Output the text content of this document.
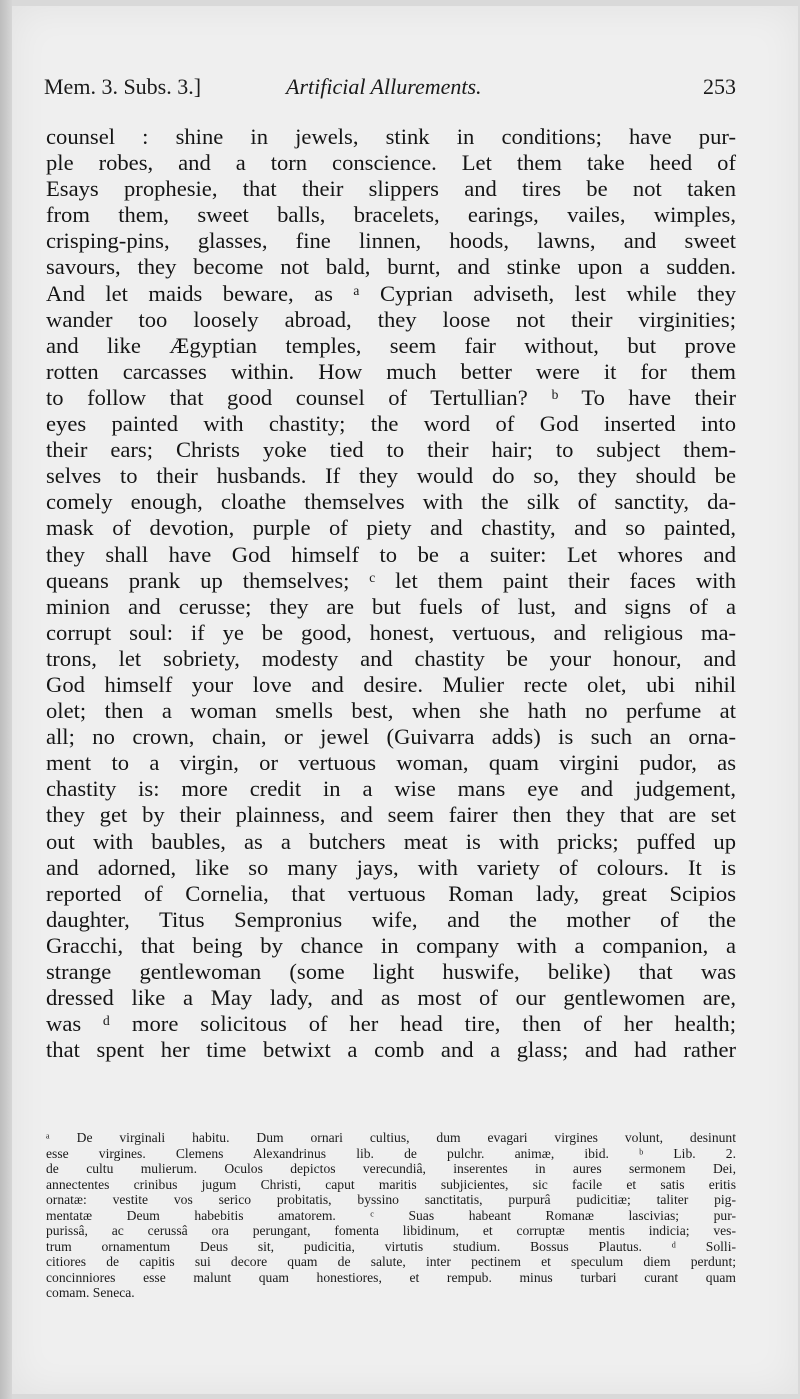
Mem. 3. Subs. 3.]	Artificial Allurements.	253
counsel : shine in jewels, stink in conditions; have pur-
ple robes, and a torn conscience. Let them take heed of
Esays prophesie, that their slippers and tires be not taken
from them, sweet balls, bracelets, earings, vailes, wimples,
crisping-pins, glasses, fine linnen, hoods, lawns, and sweet
savours, they become not bald, burnt, and stinke upon a sudden.
And let maids beware, as ᵃ Cyprian adviseth, lest while they
wander too loosely abroad, they loose not their virginities;
and like Ægyptian temples, seem fair without, but prove
rotten carcasses within. How much better were it for them
to follow that good counsel of Tertullian? ᵇ To have their
eyes painted with chastity; the word of God inserted into
their ears; Christs yoke tied to their hair; to subject them-
selves to their husbands. If they would do so, they should be
comely enough, cloathe themselves with the silk of sanctity, da-
mask of devotion, purple of piety and chastity, and so painted,
they shall have God himself to be a suiter: Let whores and
queans prank up themselves; ᶜ let them paint their faces with
minion and cerusse; they are but fuels of lust, and signs of a
corrupt soul: if ye be good, honest, vertuous, and religious ma-
trons, let sobriety, modesty and chastity be your honour, and
God himself your love and desire. Mulier recte olet, ubi nihil
olet; then a woman smells best, when she hath no perfume at
all; no crown, chain, or jewel (Guivarra adds) is such an orna-
ment to a virgin, or vertuous woman, quam virgini pudor, as
chastity is: more credit in a wise mans eye and judgement,
they get by their plainness, and seem fairer then they that are set
out with baubles, as a butchers meat is with pricks; puffed up
and adorned, like so many jays, with variety of colours. It is
reported of Cornelia, that vertuous Roman lady, great Scipios
daughter, Titus Sempronius wife, and the mother of the
Gracchi, that being by chance in company with a companion, a
strange gentlewoman (some light huswife, belike) that was
dressed like a May lady, and as most of our gentlewomen are,
was ᵈ more solicitous of her head tire, then of her health;
that spent her time betwixt a comb and a glass; and had rather
ᵃ De virginali habitu. Dum ornari cultius, dum evagari virgines volunt, desinunt
esse virgines. Clemens Alexandrinus lib. de pulchr. animæ, ibid. ᵇ Lib. 2.
de cultu mulierum. Oculos depictos verecundiâ, inserentes in aures sermonem Dei,
annectentes crinibus jugum Christi, caput maritis subjicientes, sic facile et satis eritis
ornatæ: vestite vos serico probitatis, byssino sanctitatis, purpurâ pudicitiæ; taliter pig-
mentatæ Deum habebitis amatorem. ᶜ Suas habeant Romanæ lascivias; pur-
purissâ, ac cerussâ ora perungant, fomenta libidinum, et corruptæ mentis indicia; ves-
trum ornamentum Deus sit, pudicitia, virtutis studium. Bossus Plautus. ᵈ Solli-
citiores de capitis sui decore quam de salute, inter pectinem et speculum diem perdunt;
concinniores esse malunt quam honestiores, et rempub. minus turbari curant quam
comam. Seneca.
